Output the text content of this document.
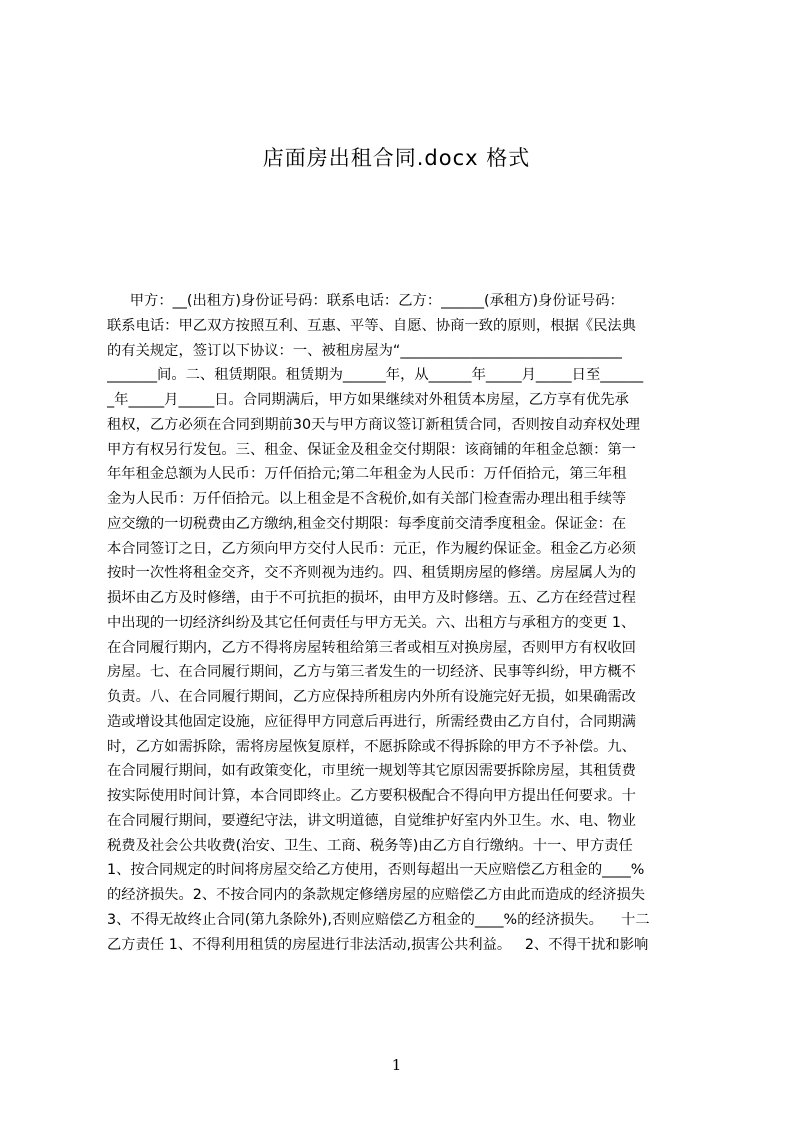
店面房出租合同.docx 格式
甲方：__(出租方)身份证号码：联系电话：乙方：______(承租方)身份证号码：
联系电话：甲乙双方按照互利、互惠、平等、自愿、协商一致的原则，根据《民法典
的有关规定，签订以下协议：一、被租房屋为“_______________________________
_______间。二、租赁期限。租赁期为______年，从______年_____月_____日至______
_年_____月_____日。合同期满后，甲方如果继续对外租赁本房屋，乙方享有优先承
租权，乙方必须在合同到期前30天与甲方商议签订新租赁合同，否则按自动弃权处理
甲方有权另行发包。三、租金、保证金及租金交付期限：该商铺的年租金总额：第一
年年租金总额为人民币：万仟佰拾元;第二年租金为人民币：万仟佰拾元，第三年租
金为人民币：万仟佰拾元。以上租金是不含税价,如有关部门检查需办理出租手续等
应交缴的一切税费由乙方缴纳,租金交付期限：每季度前交清季度租金。保证金：在
本合同签订之日，乙方须向甲方交付人民币：元正，作为履约保证金。租金乙方必须
按时一次性将租金交齐，交不齐则视为违约。四、租赁期房屋的修缮。房屋属人为的
损坏由乙方及时修缮，由于不可抗拒的损坏，由甲方及时修缮。五、乙方在经营过程
中出现的一切经济纠纷及其它任何责任与甲方无关。六、出租方与承租方的变更 1、
在合同履行期内，乙方不得将房屋转租给第三者或相互对换房屋，否则甲方有权收回
房屋。七、在合同履行期间，乙方与第三者发生的一切经济、民事等纠纷，甲方概不
负责。八、在合同履行期间，乙方应保持所租房内外所有设施完好无损，如果确需改
造或增设其他固定设施，应征得甲方同意后再进行，所需经费由乙方自付，合同期满
时，乙方如需拆除，需将房屋恢复原样，不愿拆除或不得拆除的甲方不予补偿。九、
在合同履行期间，如有政策变化，市里统一规划等其它原因需要拆除房屋，其租赁费
按实际使用时间计算，本合同即终止。乙方要积极配合不得向甲方提出任何要求。十
在合同履行期间，要遵纪守法，讲文明道德，自觉维护好室内外卫生。水、电、物业
税费及社会公共收费(治安、卫生、工商、税务等)由乙方自行缴纳。十一、甲方责任
1、按合同规定的时间将房屋交给乙方使用，否则每超出一天应赔偿乙方租金的____%
的经济损失。2、不按合同内的条款规定修缮房屋的应赔偿乙方由此而造成的经济损失
3、不得无故终止合同(第九条除外),否则应赔偿乙方租金的____%的经济损失。    十二
乙方责任 1、不得利用租赁的房屋进行非法活动,损害公共利益。   2、不得干扰和影响
1
